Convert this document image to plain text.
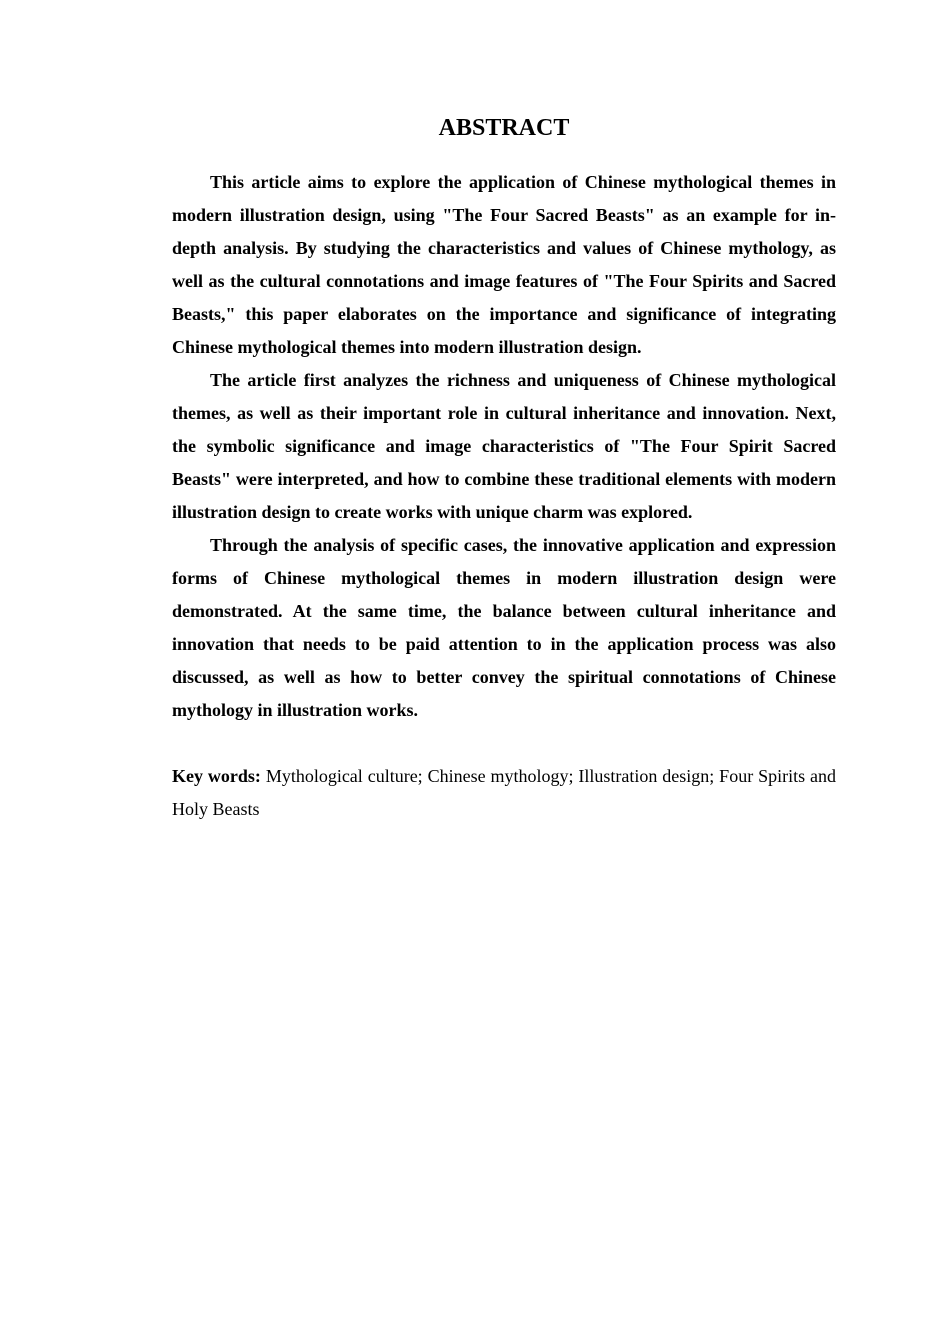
ABSTRACT

This article aims to explore the application of Chinese mythological themes in modern illustration design, using "The Four Sacred Beasts" as an example for in-depth analysis. By studying the characteristics and values of Chinese mythology, as well as the cultural connotations and image features of "The Four Spirits and Sacred Beasts," this paper elaborates on the importance and significance of integrating Chinese mythological themes into modern illustration design.

The article first analyzes the richness and uniqueness of Chinese mythological themes, as well as their important role in cultural inheritance and innovation. Next, the symbolic significance and image characteristics of "The Four Spirit Sacred Beasts" were interpreted, and how to combine these traditional elements with modern illustration design to create works with unique charm was explored.

Through the analysis of specific cases, the innovative application and expression forms of Chinese mythological themes in modern illustration design were demonstrated. At the same time, the balance between cultural inheritance and innovation that needs to be paid attention to in the application process was also discussed, as well as how to better convey the spiritual connotations of Chinese mythology in illustration works.

Key words: Mythological culture; Chinese mythology; Illustration design; Four Spirits and Holy Beasts
